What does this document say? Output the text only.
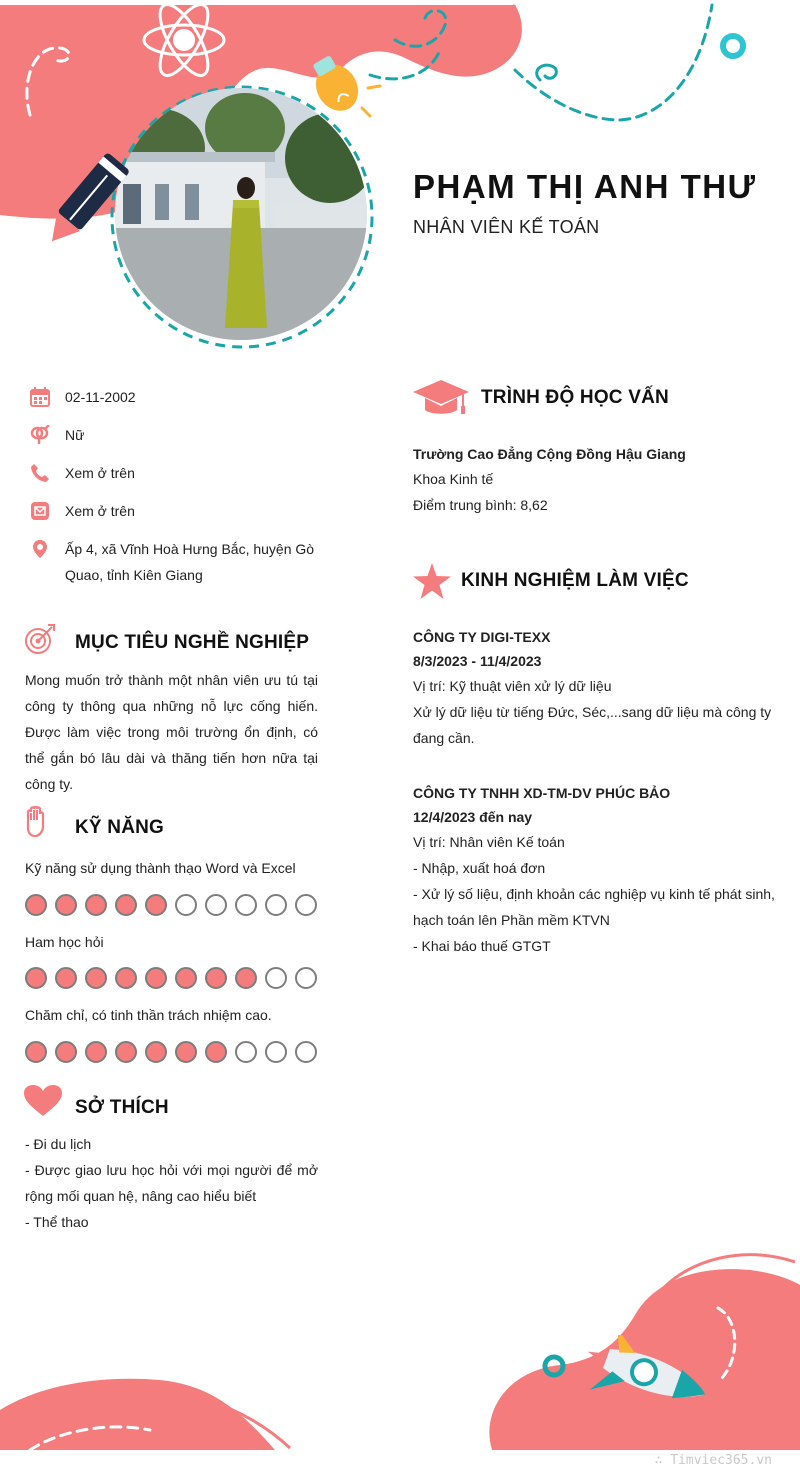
PHẠM THỊ ANH THƯ
NHÂN VIÊN KẾ TOÁN
02-11-2002
Nữ
Xem ở trên
Xem ở trên
Ấp 4, xã Vĩnh Hoà Hưng Bắc, huyện Gò Quao, tỉnh Kiên Giang
MỤC TIÊU NGHỀ NGHIỆP
Mong muốn trở thành một nhân viên ưu tú tại công ty thông qua những nỗ lực cống hiến. Được làm việc trong môi trường ổn định, có thể gắn bó lâu dài và thăng tiến hơn nữa tại công ty.
KỸ NĂNG
Kỹ năng sử dụng thành thạo Word và Excel
Ham học hỏi
Chăm chỉ, có tinh thần trách nhiệm cao.
SỞ THÍCH
- Đi du lịch
- Được giao lưu học hỏi với mọi người để mở rộng mối quan hệ, nâng cao hiểu biết
- Thể thao
TRÌNH ĐỘ HỌC VẤN
Trường Cao Đẳng Cộng Đồng Hậu Giang
Khoa Kinh tế
Điểm trung bình: 8,62
KINH NGHIỆM LÀM VIỆC
CÔNG TY DIGI-TEXX
8/3/2023 - 11/4/2023
Vị trí: Kỹ thuật viên xử lý dữ liệu
Xử lý dữ liệu từ tiếng Đức, Séc,...sang dữ liệu mà công ty đang cần.
CÔNG TY TNHH XD-TM-DV PHÚC BẢO
12/4/2023 đến nay
Vị trí: Nhân viên Kế toán
- Nhập, xuất hoá đơn
- Xử lý số liệu, định khoản các nghiệp vụ kinh tế phát sinh, hạch toán lên Phần mềm KTVN
- Khai báo thuế GTGT
∴ Timviec365.vn
